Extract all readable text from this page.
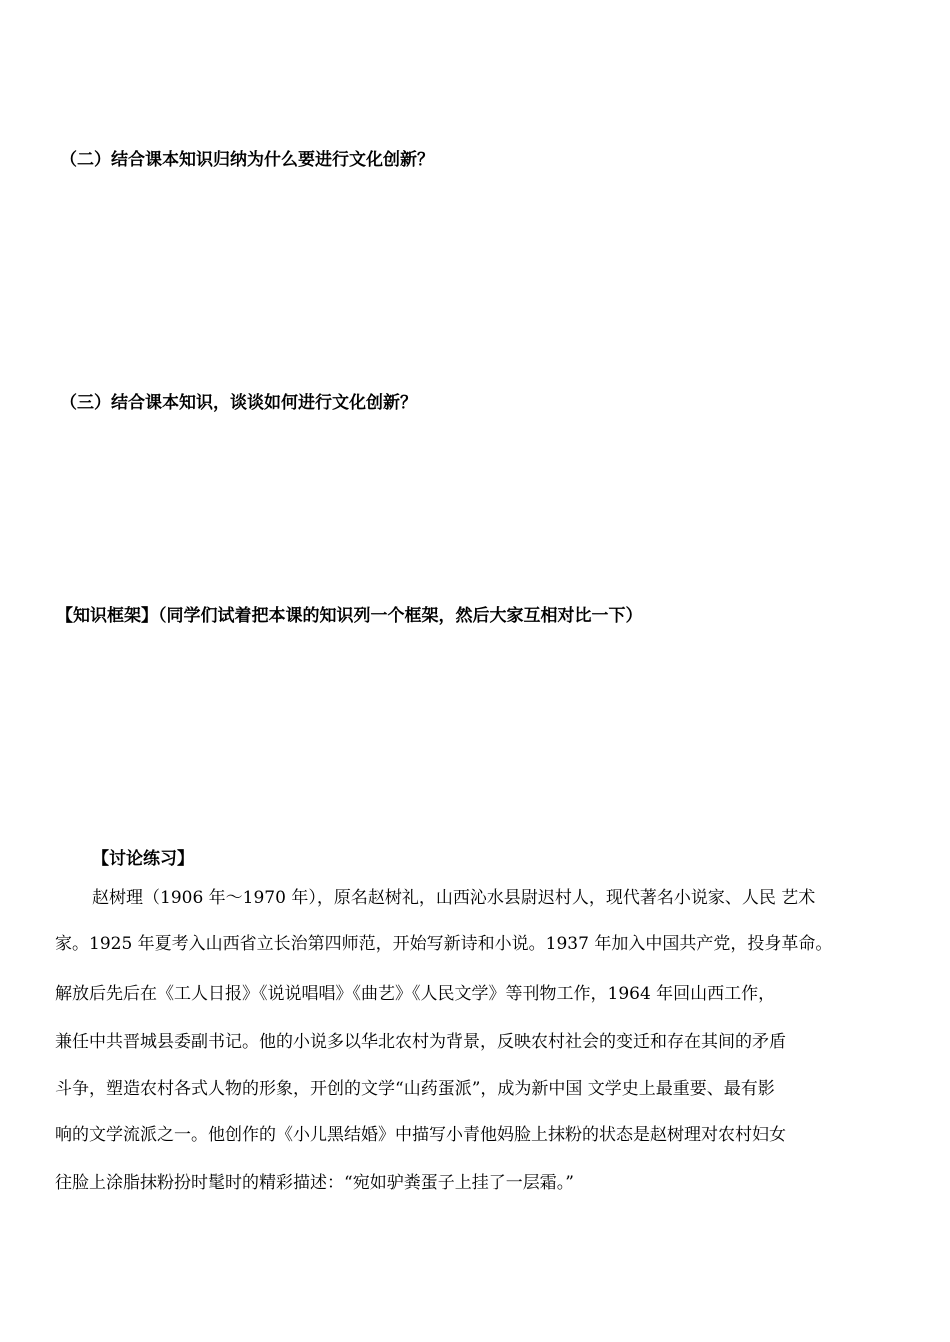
（二）结合课本知识归纳为什么要进行文化创新？
（三）结合课本知识，谈谈如何进行文化创新？
【知识框架】（同学们试着把本课的知识列一个框架，然后大家互相对比一下）
【讨论练习】

赵树理（1906 年～1970 年），原名赵树礼，山西沁水县尉迟村人，现代著名小说家、人民 艺术

家。1925 年夏考入山西省立长治第四师范，开始写新诗和小说。1937 年加入中国共产党，投身革命。

解放后先后在《工人日报》《说说唱唱》《曲艺》《人民文学》等刊物工作，1964 年回山西工作，

兼任中共晋城县委副书记。他的小说多以华北农村为背景，反映农村社会的变迁和存在其间的矛盾

斗争，塑造农村各式人物的形象，开创的文学“山药蛋派”，成为新中国 文学史上最重要、最有影

响的文学流派之一。他创作的《小儿黑结婚》中描写小青他妈脸上抹粉的状态是赵树理对农村妇女

往脸上涂脂抹粉扮时髦时的精彩描述：“宛如驴粪蛋子上挂了一层霜。”
